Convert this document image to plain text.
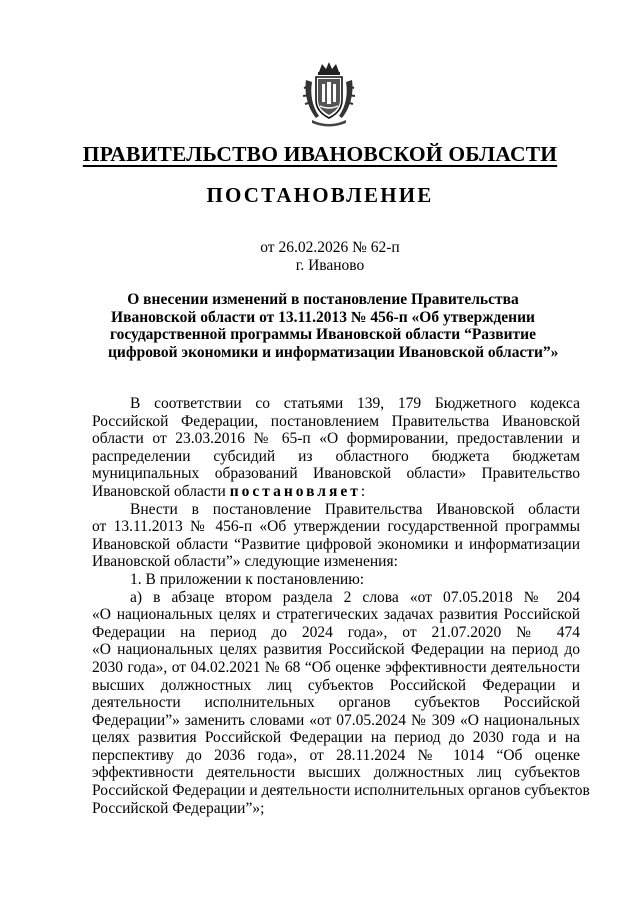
ПРАВИТЕЛЬСТВО ИВАНОВСКОЙ ОБЛАСТИ
ПОСТАНОВЛЕНИЕ
от 26.02.2026 № 62-п
г. Иваново
О внесении изменений в постановление Правительства
Ивановской области от 13.11.2013 № 456-п «Об утверждении
государственной программы Ивановской области “Развитие
цифровой экономики и информатизации Ивановской области”»
В соответствии со статьями 139, 179 Бюджетного кодекса
Российской Федерации, постановлением Правительства Ивановской
области от 23.03.2016 № 65-п «О формировании, предоставлении и
распределении субсидий из областного бюджета бюджетам
муниципальных образований Ивановской области» Правительство
Ивановской области постановляет:
Внести в постановление Правительства Ивановской области
от 13.11.2013 № 456-п «Об утверждении государственной программы
Ивановской области “Развитие цифровой экономики и информатизации
Ивановской области”» следующие изменения:
1. В приложении к постановлению:
а) в абзаце втором раздела 2 слова «от 07.05.2018 № 204
«О национальных целях и стратегических задачах развития Российской
Федерации на период до 2024 года», от 21.07.2020 № 474
«О национальных целях развития Российской Федерации на период до
2030 года», от 04.02.2021 № 68 “Об оценке эффективности деятельности
высших должностных лиц субъектов Российской Федерации и
деятельности исполнительных органов субъектов Российской
Федерации”» заменить словами «от 07.05.2024 № 309 «О национальных
целях развития Российской Федерации на период до 2030 года и на
перспективу до 2036 года», от 28.11.2024 № 1014 “Об оценке
эффективности деятельности высших должностных лиц субъектов
Российской Федерации и деятельности исполнительных органов субъектов
Российской Федерации”»;
